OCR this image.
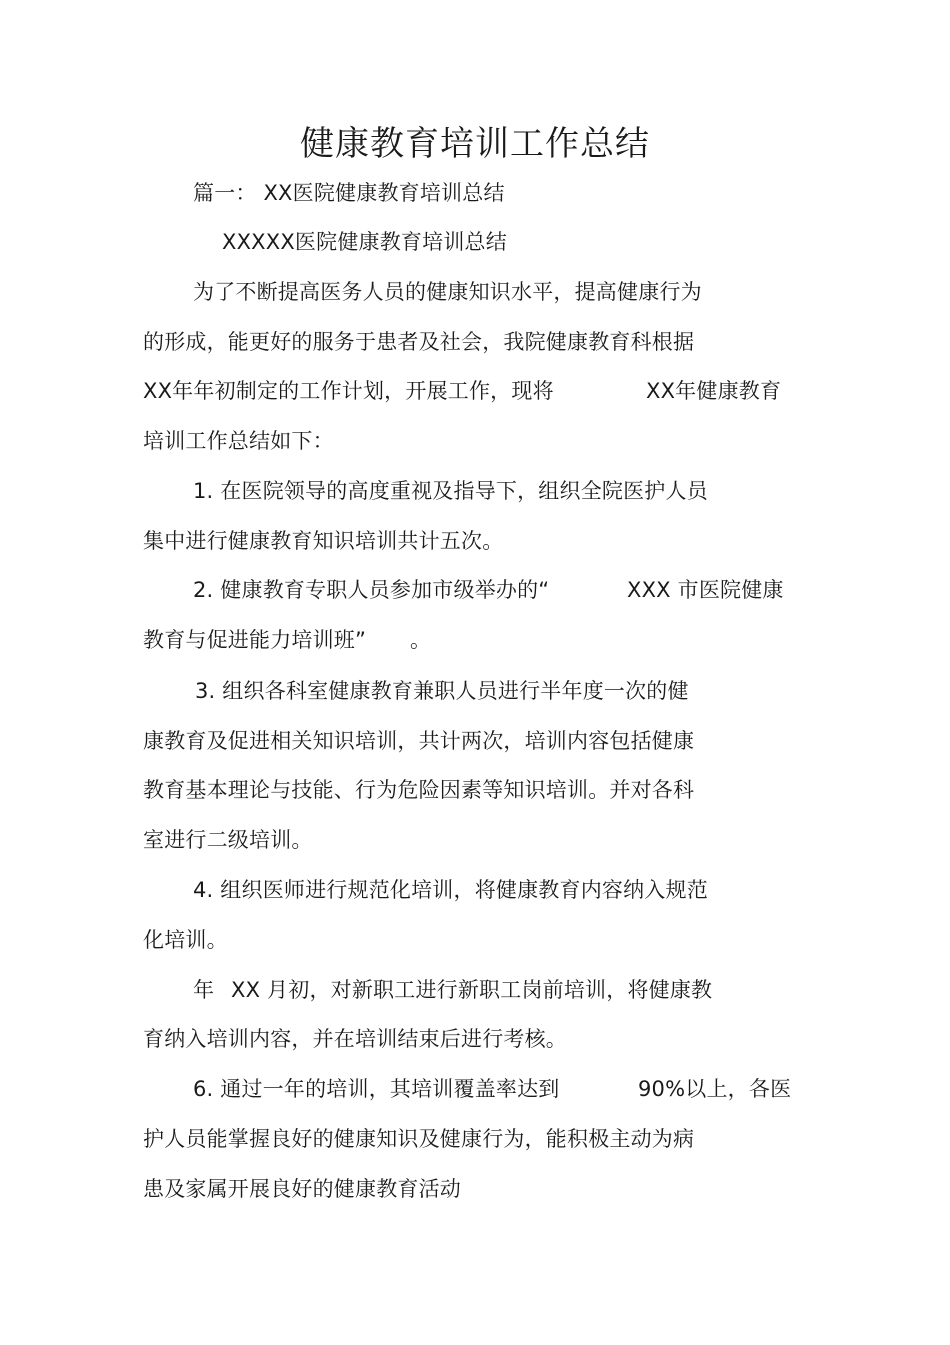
健康教育培训工作总结
篇一： XX医院健康教育培训总结
XXXXX医院健康教育培训总结
为了不断提高医务人员的健康知识水平，提高健康行为
的形成，能更好的服务于患者及社会，我院健康教育科根据
XX年年初制定的工作计划，开展工作，现将	XX年健康教育
培训工作总结如下：
1. 在医院领导的高度重视及指导下，组织全院医护人员
集中进行健康教育知识培训共计五次。
2. 健康教育专职人员参加市级举办的“	XXX 市医院健康
教育与促进能力培训班” 。
3. 组织各科室健康教育兼职人员进行半年度一次的健
康教育及促进相关知识培训，共计两次，培训内容包括健康
教育基本理论与技能、行为危险因素等知识培训。并对各科
室进行二级培训。
4. 组织医师进行规范化培训，将健康教育内容纳入规范
化培训。
年 XX 月初，对新职工进行新职工岗前培训，将健康教
育纳入培训内容，并在培训结束后进行考核。
6. 通过一年的培训，其培训覆盖率达到	90%以上，各医
护人员能掌握良好的健康知识及健康行为，能积极主动为病
患及家属开展良好的健康教育活动
